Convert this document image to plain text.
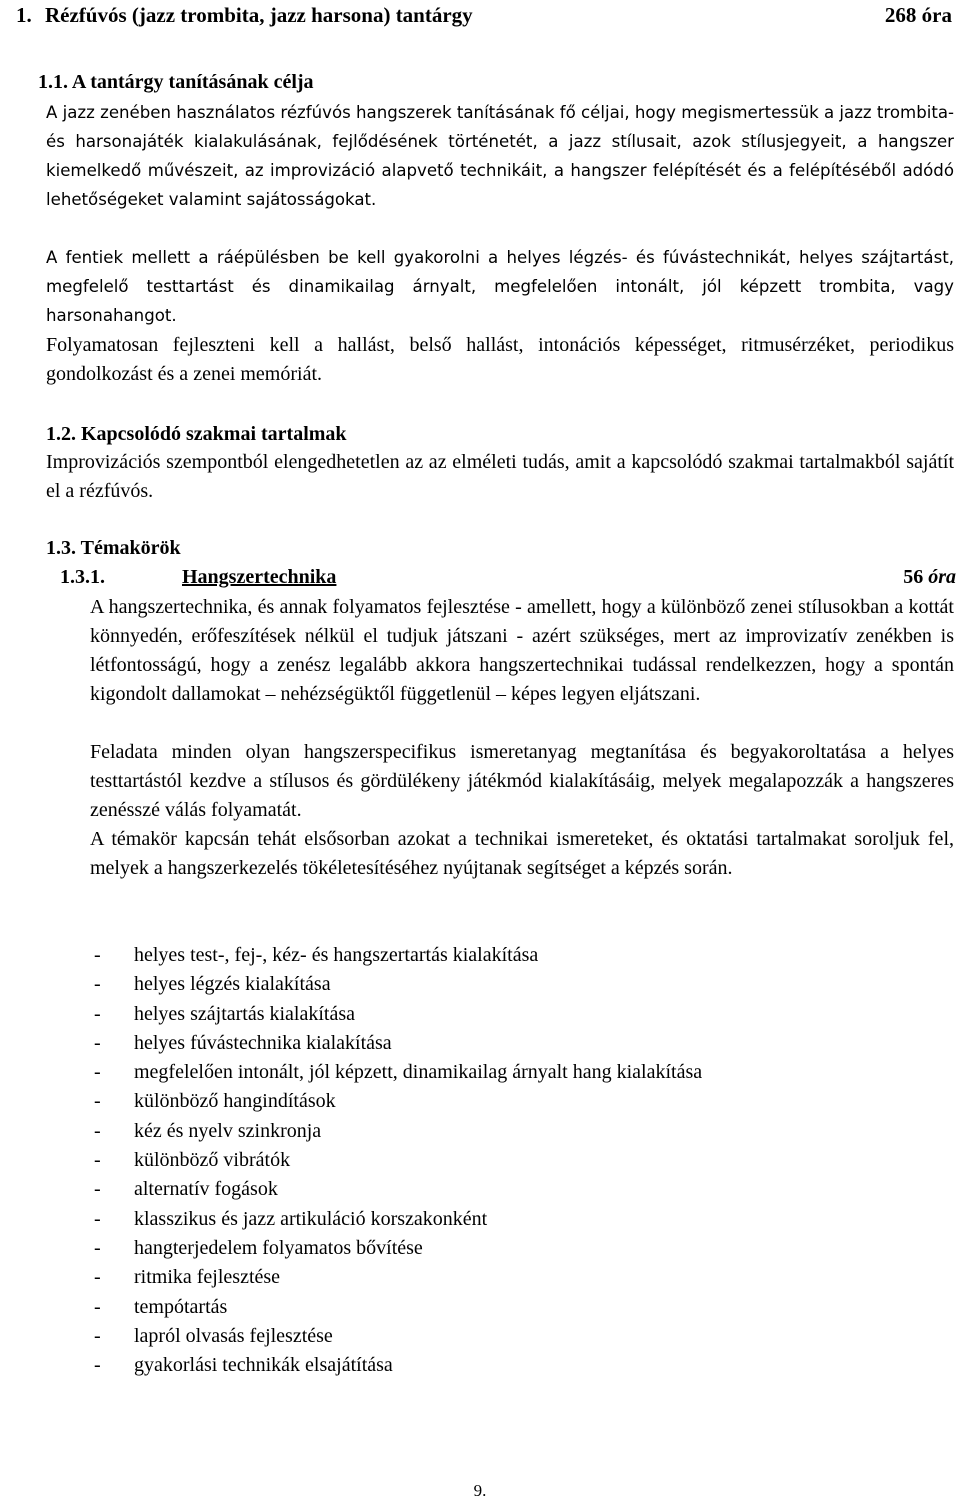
1. Rézfúvós (jazz trombita, jazz harsona) tantárgy	268 óra
1.1. A tantárgy tanításának célja
A jazz zenében használatos rézfúvós hangszerek tanításának fő céljai, hogy megismertessük a jazz trombita- és harsonajáték kialakulásának, fejlődésének történetét, a jazz stílusait, azok stílusjegyeit, a hangszer kiemelkedő művészeit, az improvizáció alapvető technikáit, a hangszer felépítését és a felépítéséből adódó lehetőségeket valamint sajátosságokat.
A fentiek mellett a ráépülésben be kell gyakorolni a helyes légzés- és fúvástechnikát, helyes szájtartást, megfelelő testtartást és dinamikailag árnyalt, megfelelően intonált, jól képzett trombita, vagy harsonahangot.
Folyamatosan fejleszteni kell a hallást, belső hallást, intonációs képességet, ritmusérzéket, periodikus gondolkozást és a zenei memóriát.
1.2. Kapcsolódó szakmai tartalmak
Improvizációs szempontból elengedhetetlen az az elméleti tudás, amit a kapcsolódó szakmai tartalmakból sajátít el a rézfúvós.
1.3. Témakörök
1.3.1.	Hangszertechnika	56 óra
A hangszertechnika, és annak folyamatos fejlesztése - amellett, hogy a különböző zenei stílusokban a kottát könnyedén, erőfeszítések nélkül el tudjuk játszani - azért szükséges, mert az improvizatív zenékben is létfontosságú, hogy a zenész legalább akkora hangszertechnikai tudással rendelkezzen, hogy a spontán kigondolt dallamokat – nehézségüktől függetlenül – képes legyen eljátszani.
Feladata minden olyan hangszerspecifikus ismeretanyag megtanítása és begyakoroltatása a helyes testtartástól kezdve a stílusos és gördülékeny játékmód kialakításáig, melyek megalapozzák a hangszeres zenésszé válás folyamatát.
A témakör kapcsán tehát elsősorban azokat a technikai ismereteket, és oktatási tartalmakat soroljuk fel, melyek a hangszerkezelés tökéletesítéséhez nyújtanak segítséget a képzés során.
- helyes test-, fej-, kéz- és hangszertartás kialakítása
- helyes légzés kialakítása
- helyes szájtartás kialakítása
- helyes fúvástechnika kialakítása
- megfelelően intonált, jól képzett, dinamikailag árnyalt hang kialakítása
- különböző hangindítások
- kéz és nyelv szinkronja
- különböző vibrátók
- alternatív fogások
- klasszikus és jazz artikuláció korszakonként
- hangterjedelem folyamatos bővítése
- ritmika fejlesztése
- tempótartás
- lapról olvasás fejlesztése
- gyakorlási technikák elsajátítása
9.
